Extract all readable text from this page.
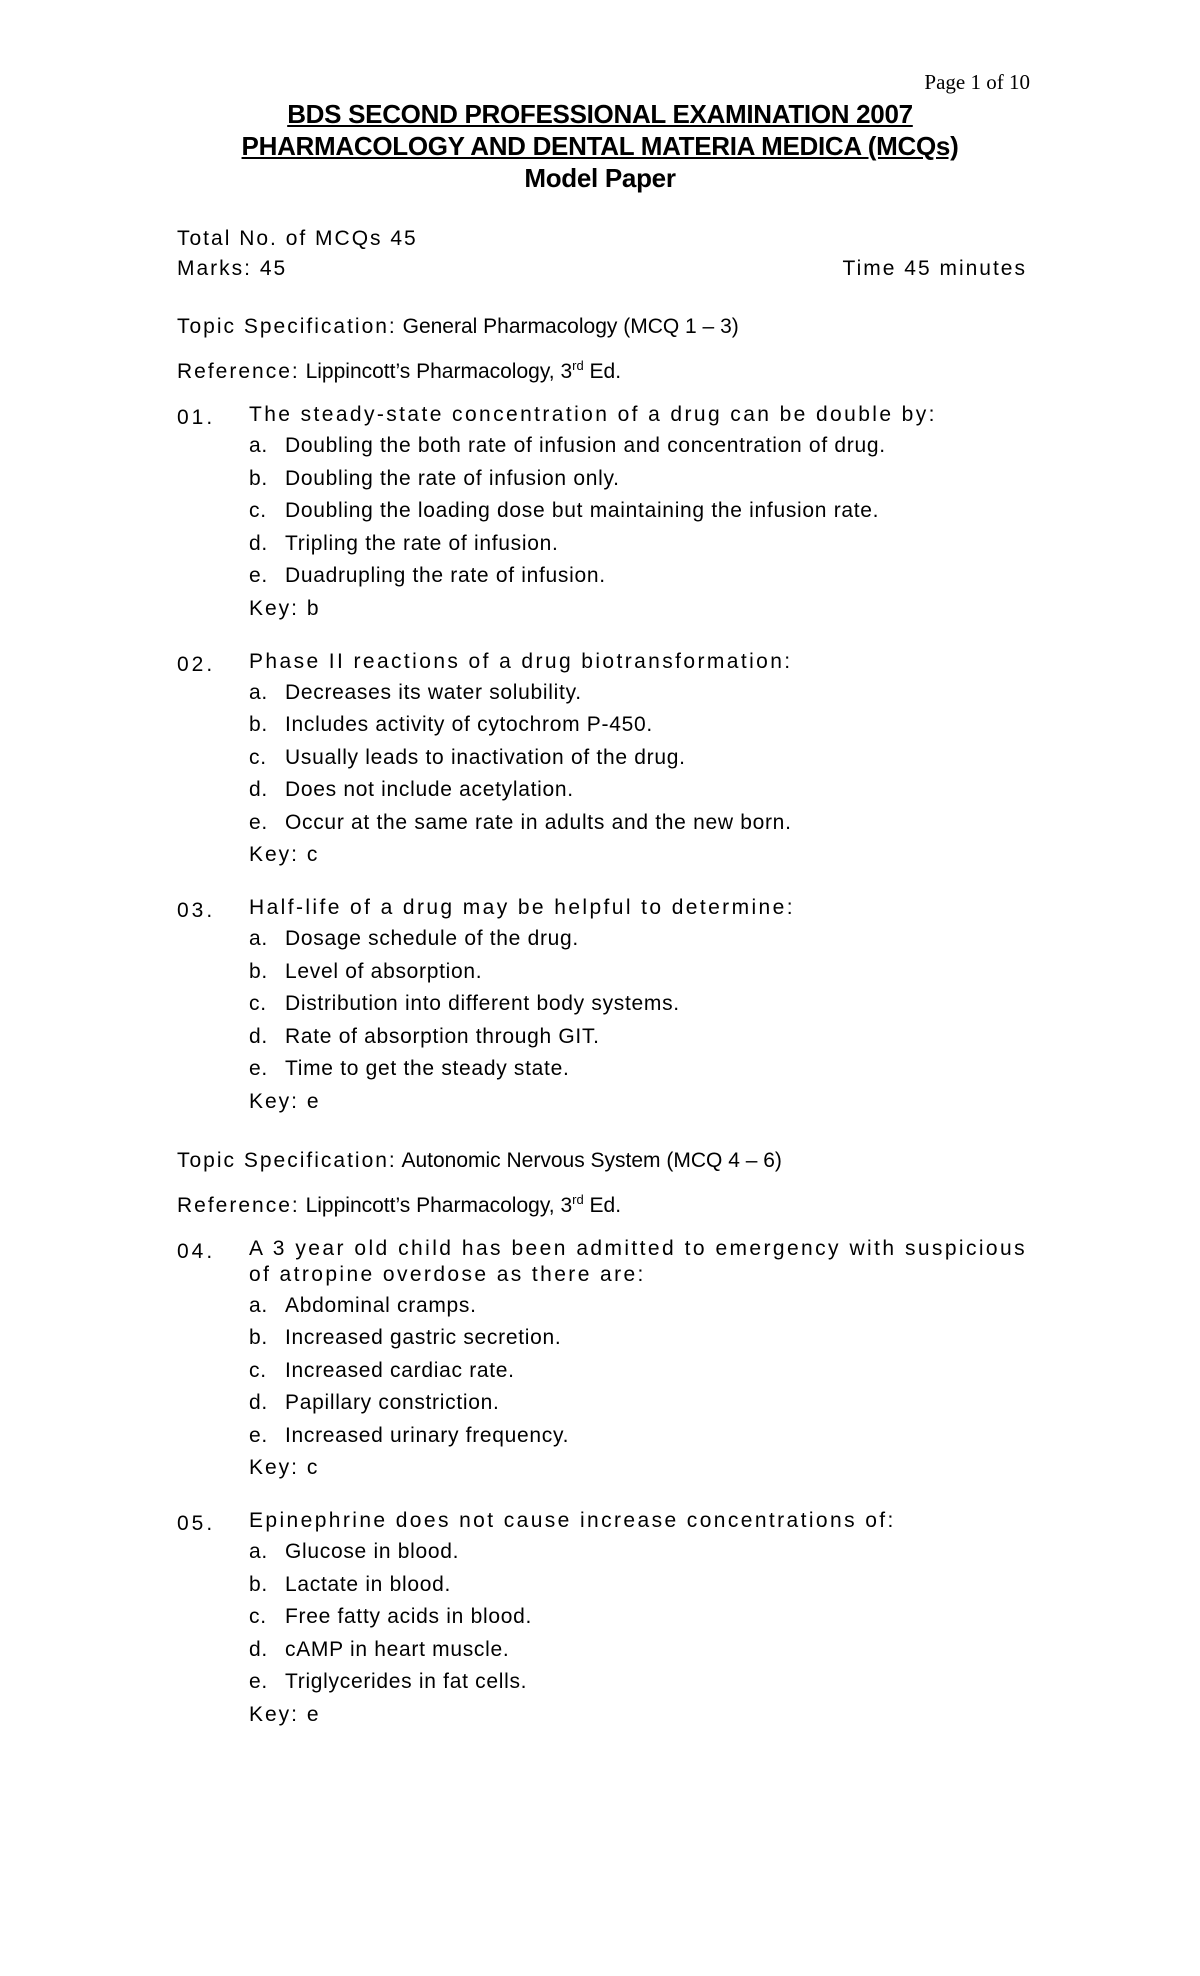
Page 1 of 10
BDS SECOND PROFESSIONAL EXAMINATION 2007
PHARMACOLOGY AND DENTAL MATERIA MEDICA (MCQs)
Model Paper
Total No. of MCQs 45
Marks: 45	Time 45 minutes
Topic Specification: General Pharmacology (MCQ 1 – 3)
Reference: Lippincott’s Pharmacology, 3rd Ed.
01.	The steady-state concentration of a drug can be double by:
a. Doubling the both rate of infusion and concentration of drug.
b. Doubling the rate of infusion only.
c. Doubling the loading dose but maintaining the infusion rate.
d. Tripling the rate of infusion.
e. Duadrupling the rate of infusion.
Key: b
02.	Phase II reactions of a drug biotransformation:
a. Decreases its water solubility.
b. Includes activity of cytochrom P-450.
c. Usually leads to inactivation of the drug.
d. Does not include acetylation.
e. Occur at the same rate in adults and the new born.
Key: c
03.	Half-life of a drug may be helpful to determine:
a. Dosage schedule of the drug.
b. Level of absorption.
c. Distribution into different body systems.
d. Rate of absorption through GIT.
e. Time to get the steady state.
Key: e
Topic Specification: Autonomic Nervous System (MCQ 4 – 6)
Reference: Lippincott’s Pharmacology, 3rd Ed.
04.	A 3 year old child has been admitted to emergency with suspicious of atropine overdose as there are:
a. Abdominal cramps.
b. Increased gastric secretion.
c. Increased cardiac rate.
d. Papillary constriction.
e. Increased urinary frequency.
Key: c
05.	Epinephrine does not cause increase concentrations of:
a. Glucose in blood.
b. Lactate in blood.
c. Free fatty acids in blood.
d. cAMP in heart muscle.
e. Triglycerides in fat cells.
Key: e
